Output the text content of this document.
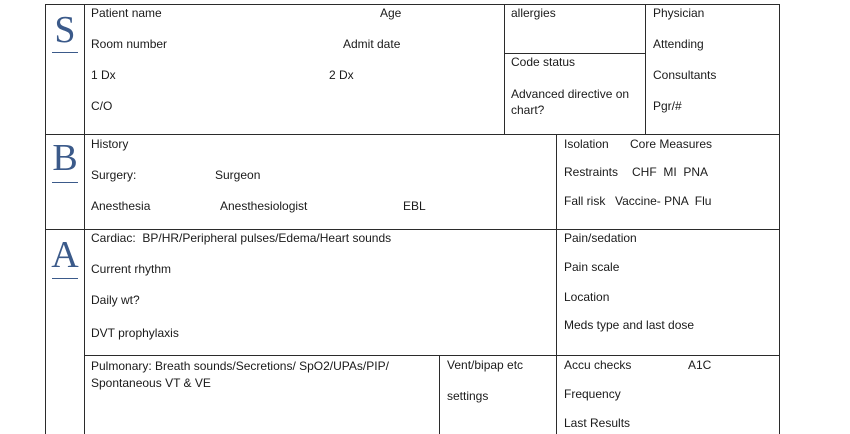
S	Patient name	Age
Room number	Admit date
1 Dx	2 Dx
C/O
allergies
Code status
Advanced directive on chart?
Physician
Attending
Consultants
Pgr/#
B	History
Surgery:	Surgeon
Anesthesia	Anesthesiologist	EBL
Isolation Core Measures
Restraints CHF  MI  PNA
Fall risk Vaccine- PNA  Flu
A	Cardiac:  BP/HR/Peripheral pulses/Edema/Heart sounds
Current rhythm
Daily wt?
DVT prophylaxis
Pain/sedation
Pain scale
Location
Meds type and last dose
Pulmonary: Breath sounds/Secretions/ SpO2/UPAs/PIP/ Spontaneous VT & VE
Vent/bipap etc
settings
Accu checks	A1C
Frequency
Last Results
